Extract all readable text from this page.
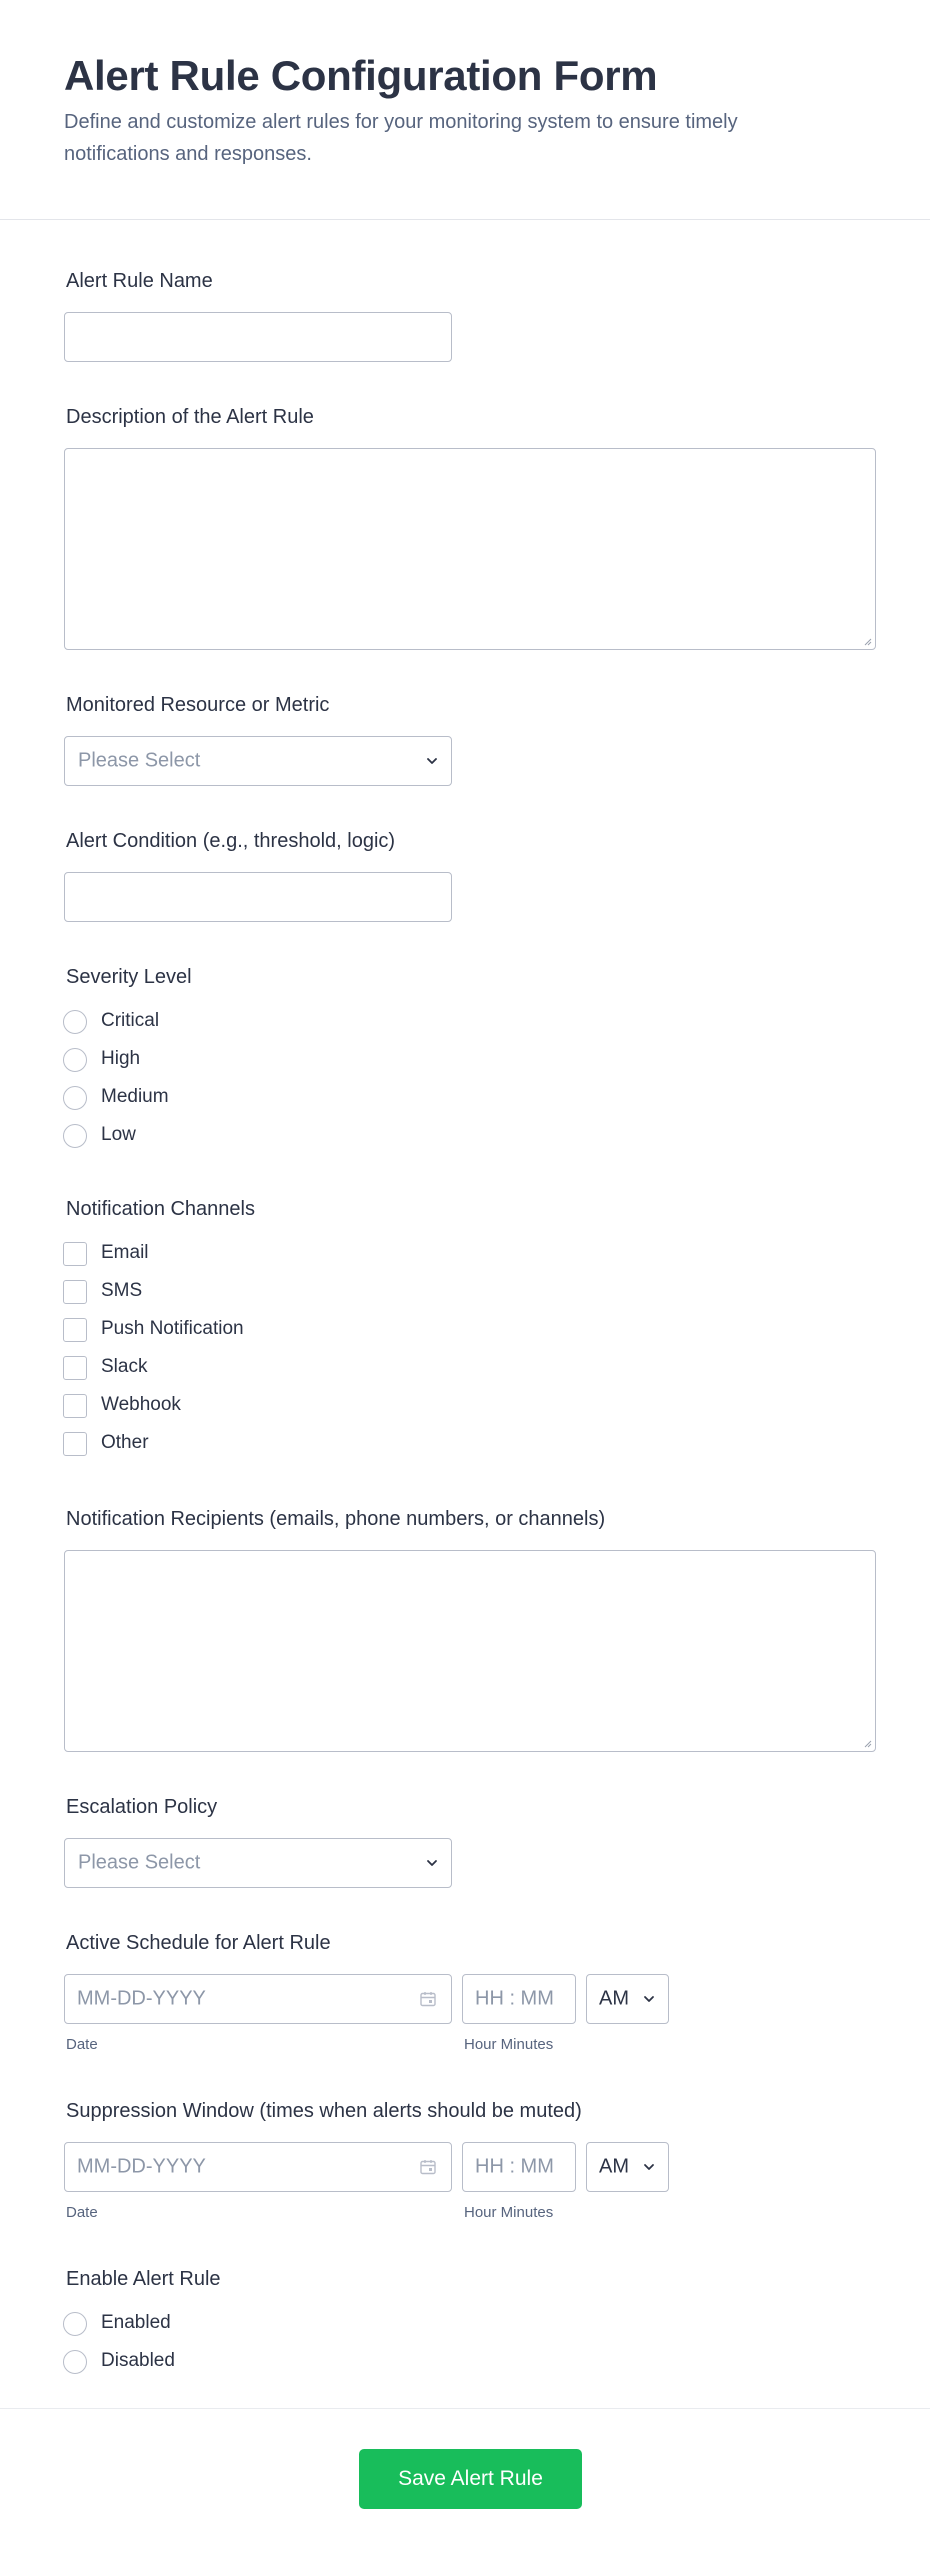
Alert Rule Configuration Form

Define and customize alert rules for your monitoring system to ensure timely notifications and responses.

Alert Rule Name
Description of the Alert Rule
Monitored Resource or Metric
Please Select
Alert Condition (e.g., threshold, logic)
Severity Level
Critical
High
Medium
Low
Notification Channels
Email
SMS
Push Notification
Slack
Webhook
Other
Notification Recipients (emails, phone numbers, or channels)
Escalation Policy
Please Select
Active Schedule for Alert Rule
MM-DD-YYYY	HH : MM AM
Date	Hour Minutes
Suppression Window (times when alerts should be muted)
MM-DD-YYYY	HH : MM AM
Date	Hour Minutes
Enable Alert Rule
Enabled
Disabled
Save Alert Rule
